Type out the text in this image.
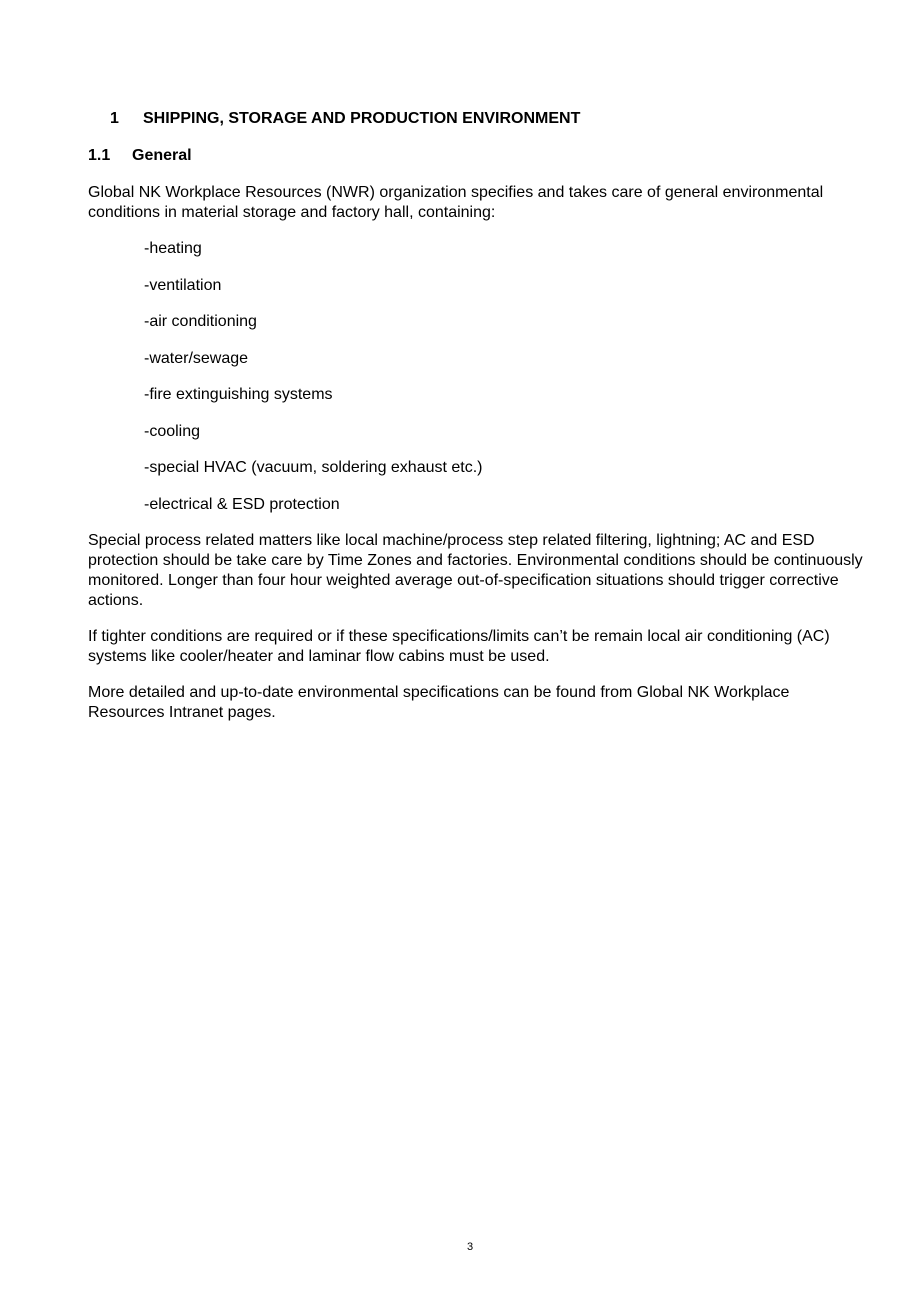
1 SHIPPING, STORAGE AND PRODUCTION ENVIRONMENT
1.1 General

Global NK Workplace Resources (NWR) organization specifies and takes care of general environmental conditions in material storage and factory hall, containing:

-heating
-ventilation
-air conditioning
-water/sewage
-fire extinguishing systems
-cooling
-special HVAC (vacuum, soldering exhaust etc.)
-electrical & ESD protection

Special process related matters like local machine/process step related filtering, lightning; AC and ESD protection should be take care by Time Zones and factories. Environmental conditions should be continuously monitored. Longer than four hour weighted average out-of-specification situations should trigger corrective actions.

If tighter conditions are required or if these specifications/limits can’t be remain local air conditioning (AC) systems like cooler/heater and laminar flow cabins must be used.

More detailed and up-to-date environmental specifications can be found from Global NK Workplace Resources Intranet pages.

3
